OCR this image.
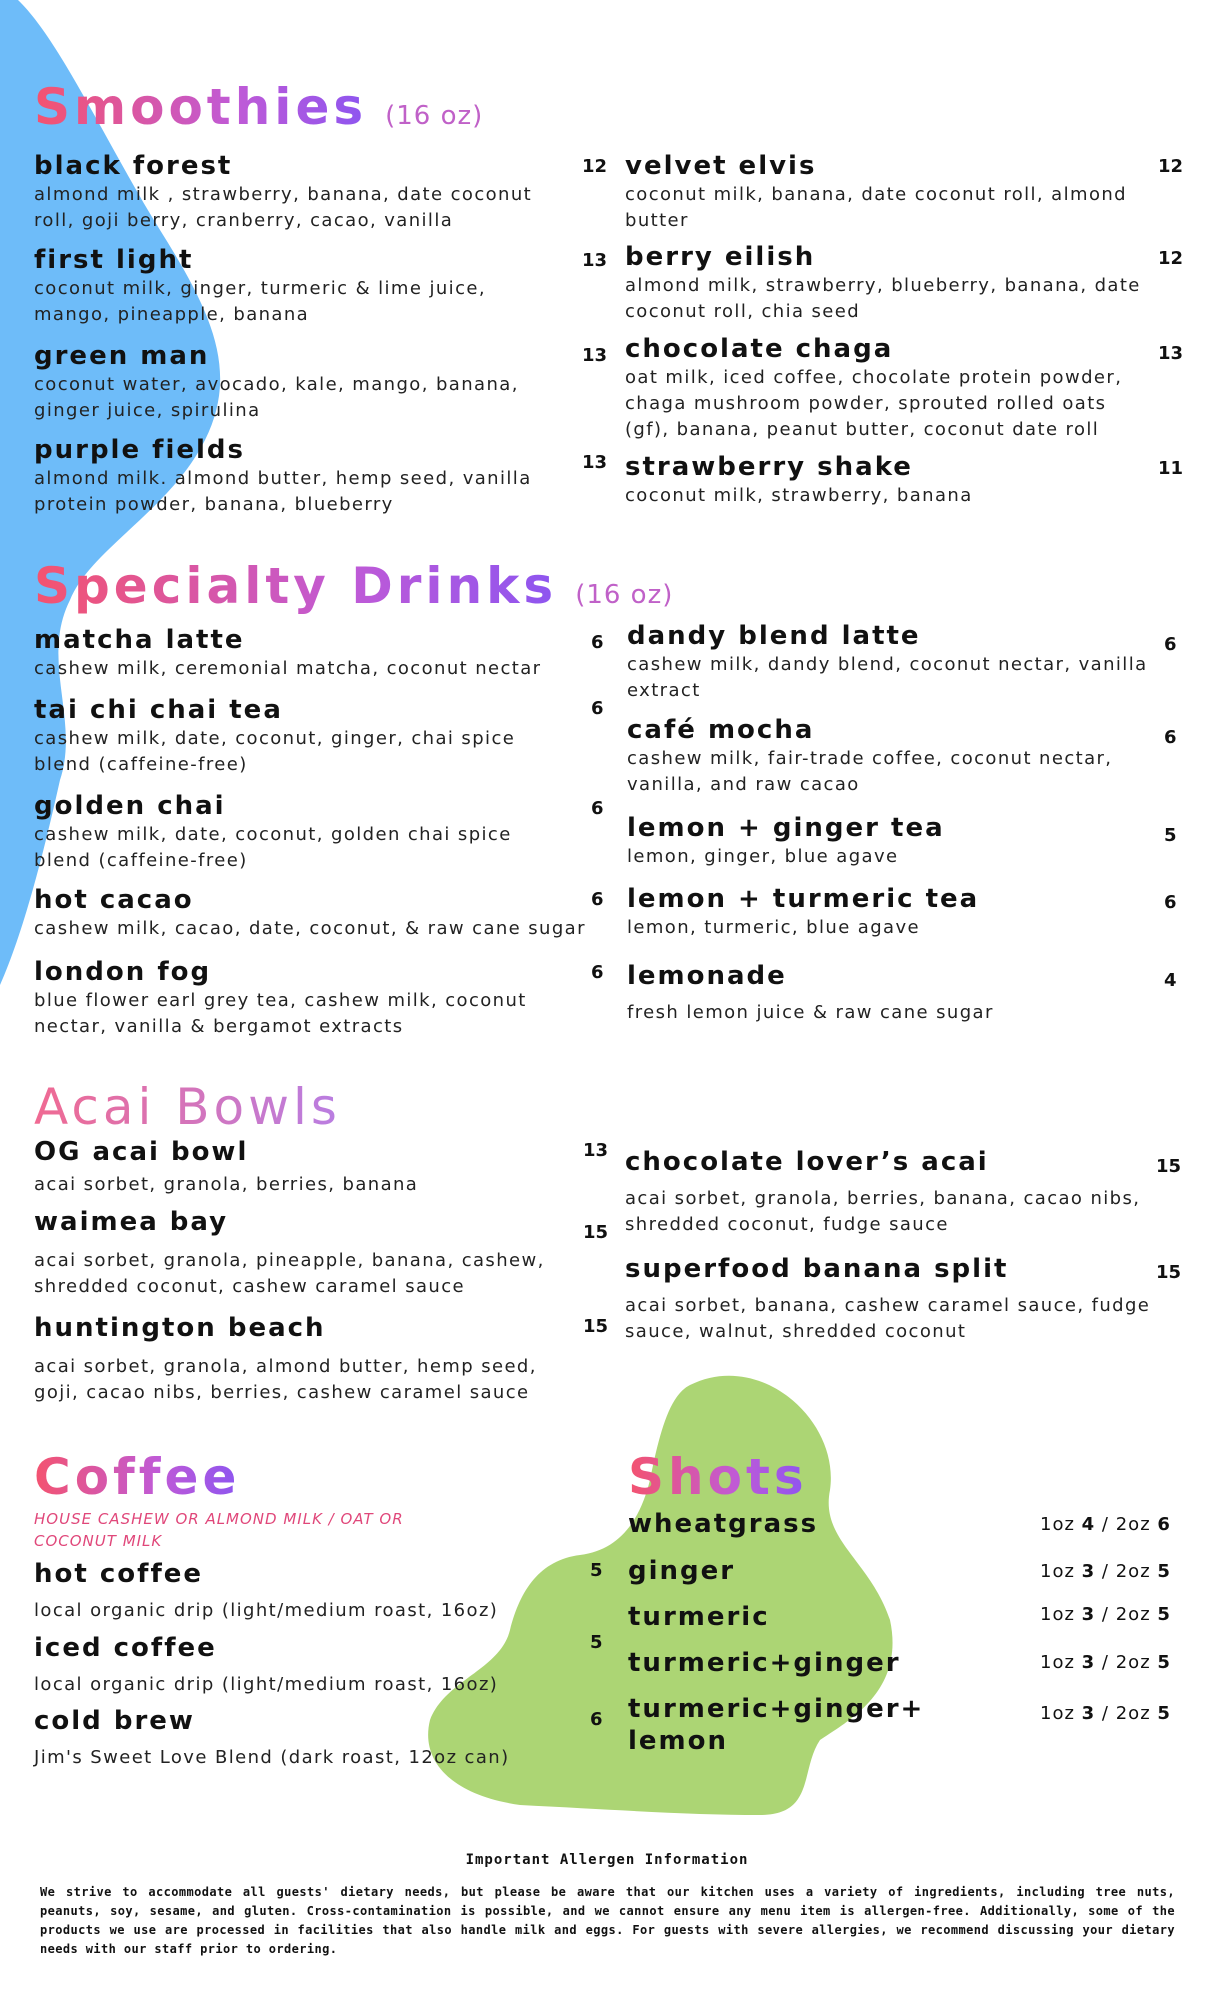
Smoothies (16 oz)
black forest
almond milk , strawberry, banana, date coconut roll, goji berry, cranberry, cacao, vanilla
12
first light
coconut milk, ginger, turmeric & lime juice, mango, pineapple, banana
13
green man
coconut water, avocado, kale, mango, banana, ginger juice, spirulina
13
purple fields
almond milk. almond butter, hemp seed, vanilla protein powder, banana, blueberry
13
velvet elvis
coconut milk, banana, date coconut roll, almond butter
12
berry eilish
almond milk, strawberry, blueberry, banana, date coconut roll, chia seed
12
chocolate chaga
oat milk, iced coffee, chocolate protein powder, chaga mushroom powder, sprouted rolled oats (gf), banana, peanut butter, coconut date roll
13
strawberry shake
coconut milk, strawberry, banana
11
Specialty Drinks (16 oz)
matcha latte
cashew milk, ceremonial matcha, coconut nectar
6
tai chi chai tea
cashew milk, date, coconut, ginger, chai spice blend (caffeine-free)
6
golden chai
cashew milk, date, coconut, golden chai spice blend (caffeine-free)
6
hot cacao
cashew milk, cacao, date, coconut, & raw cane sugar
6
london fog
blue flower earl grey tea, cashew milk, coconut nectar, vanilla & bergamot extracts
6
dandy blend latte
cashew milk, dandy blend, coconut nectar, vanilla extract
6
café mocha
cashew milk, fair-trade coffee, coconut nectar, vanilla, and raw cacao
6
lemon + ginger tea
lemon, ginger, blue agave
5
lemon + turmeric tea
lemon, turmeric, blue agave
6
lemonade
fresh lemon juice & raw cane sugar
4
Acai Bowls
OG acai bowl
acai sorbet, granola, berries, banana
13
waimea bay
acai sorbet, granola, pineapple, banana, cashew, shredded coconut, cashew caramel sauce
15
huntington beach
acai sorbet, granola, almond butter, hemp seed, goji, cacao nibs, berries, cashew caramel sauce
15
chocolate lover’s acai
acai sorbet, granola, berries, banana, cacao nibs, shredded coconut, fudge sauce
15
superfood banana split
acai sorbet, banana, cashew caramel sauce, fudge sauce, walnut, shredded coconut
15
Coffee
HOUSE CASHEW OR ALMOND MILK / OAT OR COCONUT MILK
hot coffee
local organic drip (light/medium roast, 16oz)
5
iced coffee
local organic drip (light/medium roast, 16oz)
5
cold brew
Jim's Sweet Love Blend (dark roast, 12oz can)
6
Shots
wheatgrass	1oz 4 / 2oz 6
ginger	1oz 3 / 2oz 5
turmeric	1oz 3 / 2oz 5
turmeric+ginger	1oz 3 / 2oz 5
turmeric+ginger+
lemon
1oz 3 / 2oz 5
Important Allergen Information
We strive to accommodate all guests' dietary needs, but please be aware that our kitchen uses a variety of ingredients, including tree nuts, peanuts, soy, sesame, and gluten. Cross-contamination is possible, and we cannot ensure any menu item is allergen-free. Additionally, some of the products we use are processed in facilities that also handle milk and eggs. For guests with severe allergies, we recommend discussing your dietary needs with our staff prior to ordering.
